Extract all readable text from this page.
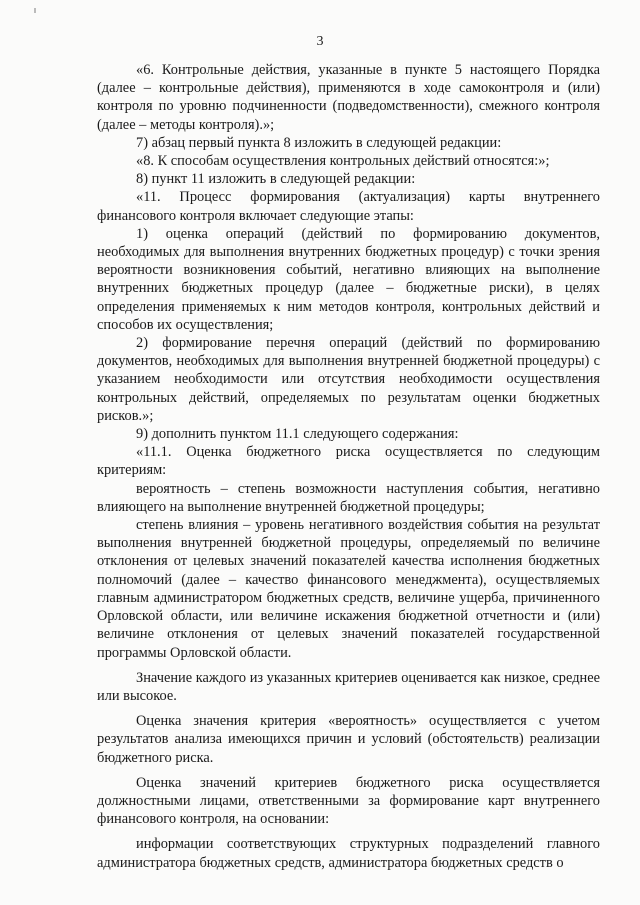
3

«6. Контрольные действия, указанные в пункте 5 настоящего Порядка (далее – контрольные действия), применяются в ходе самоконтроля и (или) контроля по уровню подчиненности (подведомственности), смежного контроля (далее – методы контроля).»;

7) абзац первый пункта 8 изложить в следующей редакции:

«8. К способам осуществления контрольных действий относятся:»;

8) пункт 11 изложить в следующей редакции:

«11. Процесс формирования (актуализация) карты внутреннего финансового контроля включает следующие этапы:

1) оценка операций (действий по формированию документов, необходимых для выполнения внутренних бюджетных процедур) с точки зрения вероятности возникновения событий, негативно влияющих на выполнение внутренних бюджетных процедур (далее – бюджетные риски), в целях определения применяемых к ним методов контроля, контрольных действий и способов их осуществления;

2) формирование перечня операций (действий по формированию документов, необходимых для выполнения внутренней бюджетной процедуры) с указанием необходимости или отсутствия необходимости осуществления контрольных действий, определяемых по результатам оценки бюджетных рисков.»;

9) дополнить пунктом 11.1 следующего содержания:

«11.1. Оценка бюджетного риска осуществляется по следующим критериям:

вероятность – степень возможности наступления события, негативно влияющего на выполнение внутренней бюджетной процедуры;

степень влияния – уровень негативного воздействия события на результат выполнения внутренней бюджетной процедуры, определяемый по величине отклонения от целевых значений показателей качества исполнения бюджетных полномочий (далее – качество финансового менеджмента), осуществляемых главным администратором бюджетных средств, величине ущерба, причиненного Орловской области, или величине искажения бюджетной отчетности и (или) величине отклонения от целевых значений показателей государственной программы Орловской области.

Значение каждого из указанных критериев оценивается как низкое, среднее или высокое.

Оценка значения критерия «вероятность» осуществляется с учетом результатов анализа имеющихся причин и условий (обстоятельств) реализации бюджетного риска.

Оценка значений критериев бюджетного риска осуществляется должностными лицами, ответственными за формирование карт внутреннего финансового контроля, на основании:

информации соответствующих структурных подразделений главного администратора бюджетных средств, администратора бюджетных средств о
